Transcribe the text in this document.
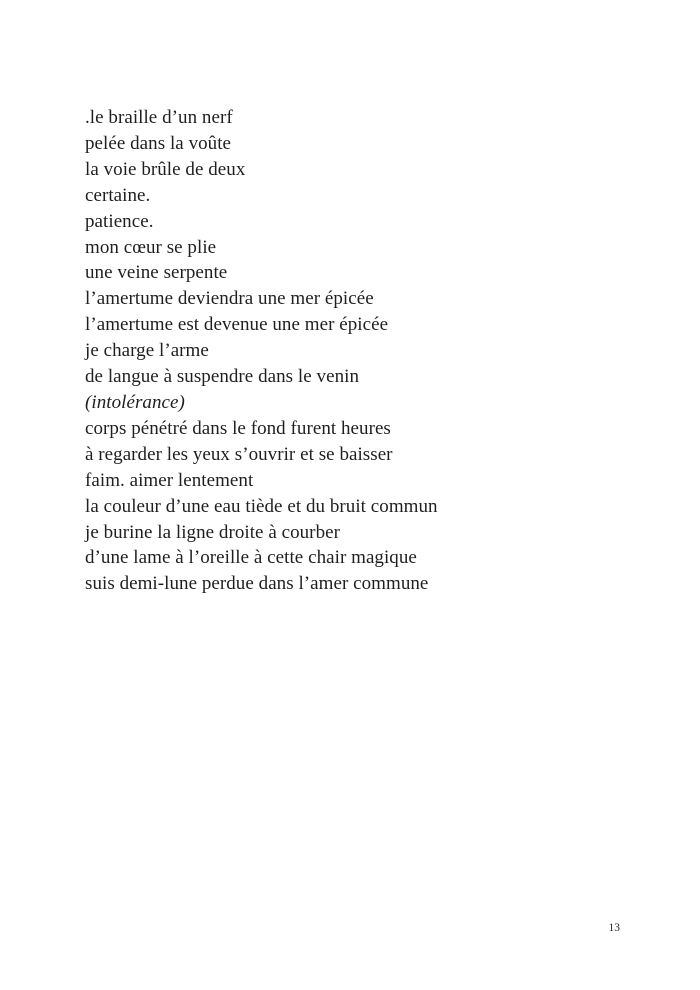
.le braille d’un nerf
pelée dans la voûte
la voie brûle de deux
certaine.
patience.
mon cœur se plie
une veine serpente
l’amertume deviendra une mer épicée
l’amertume est devenue une mer épicée
je charge l’arme
de langue à suspendre dans le venin
(intolérance)
corps pénétré dans le fond furent heures
à regarder les yeux s’ouvrir et se baisser
faim. aimer lentement
la couleur d’une eau tiède et du bruit commun
je burine la ligne droite à courber
d’une lame à l’oreille à cette chair magique
suis demi-lune perdue dans l’amer commune
13
